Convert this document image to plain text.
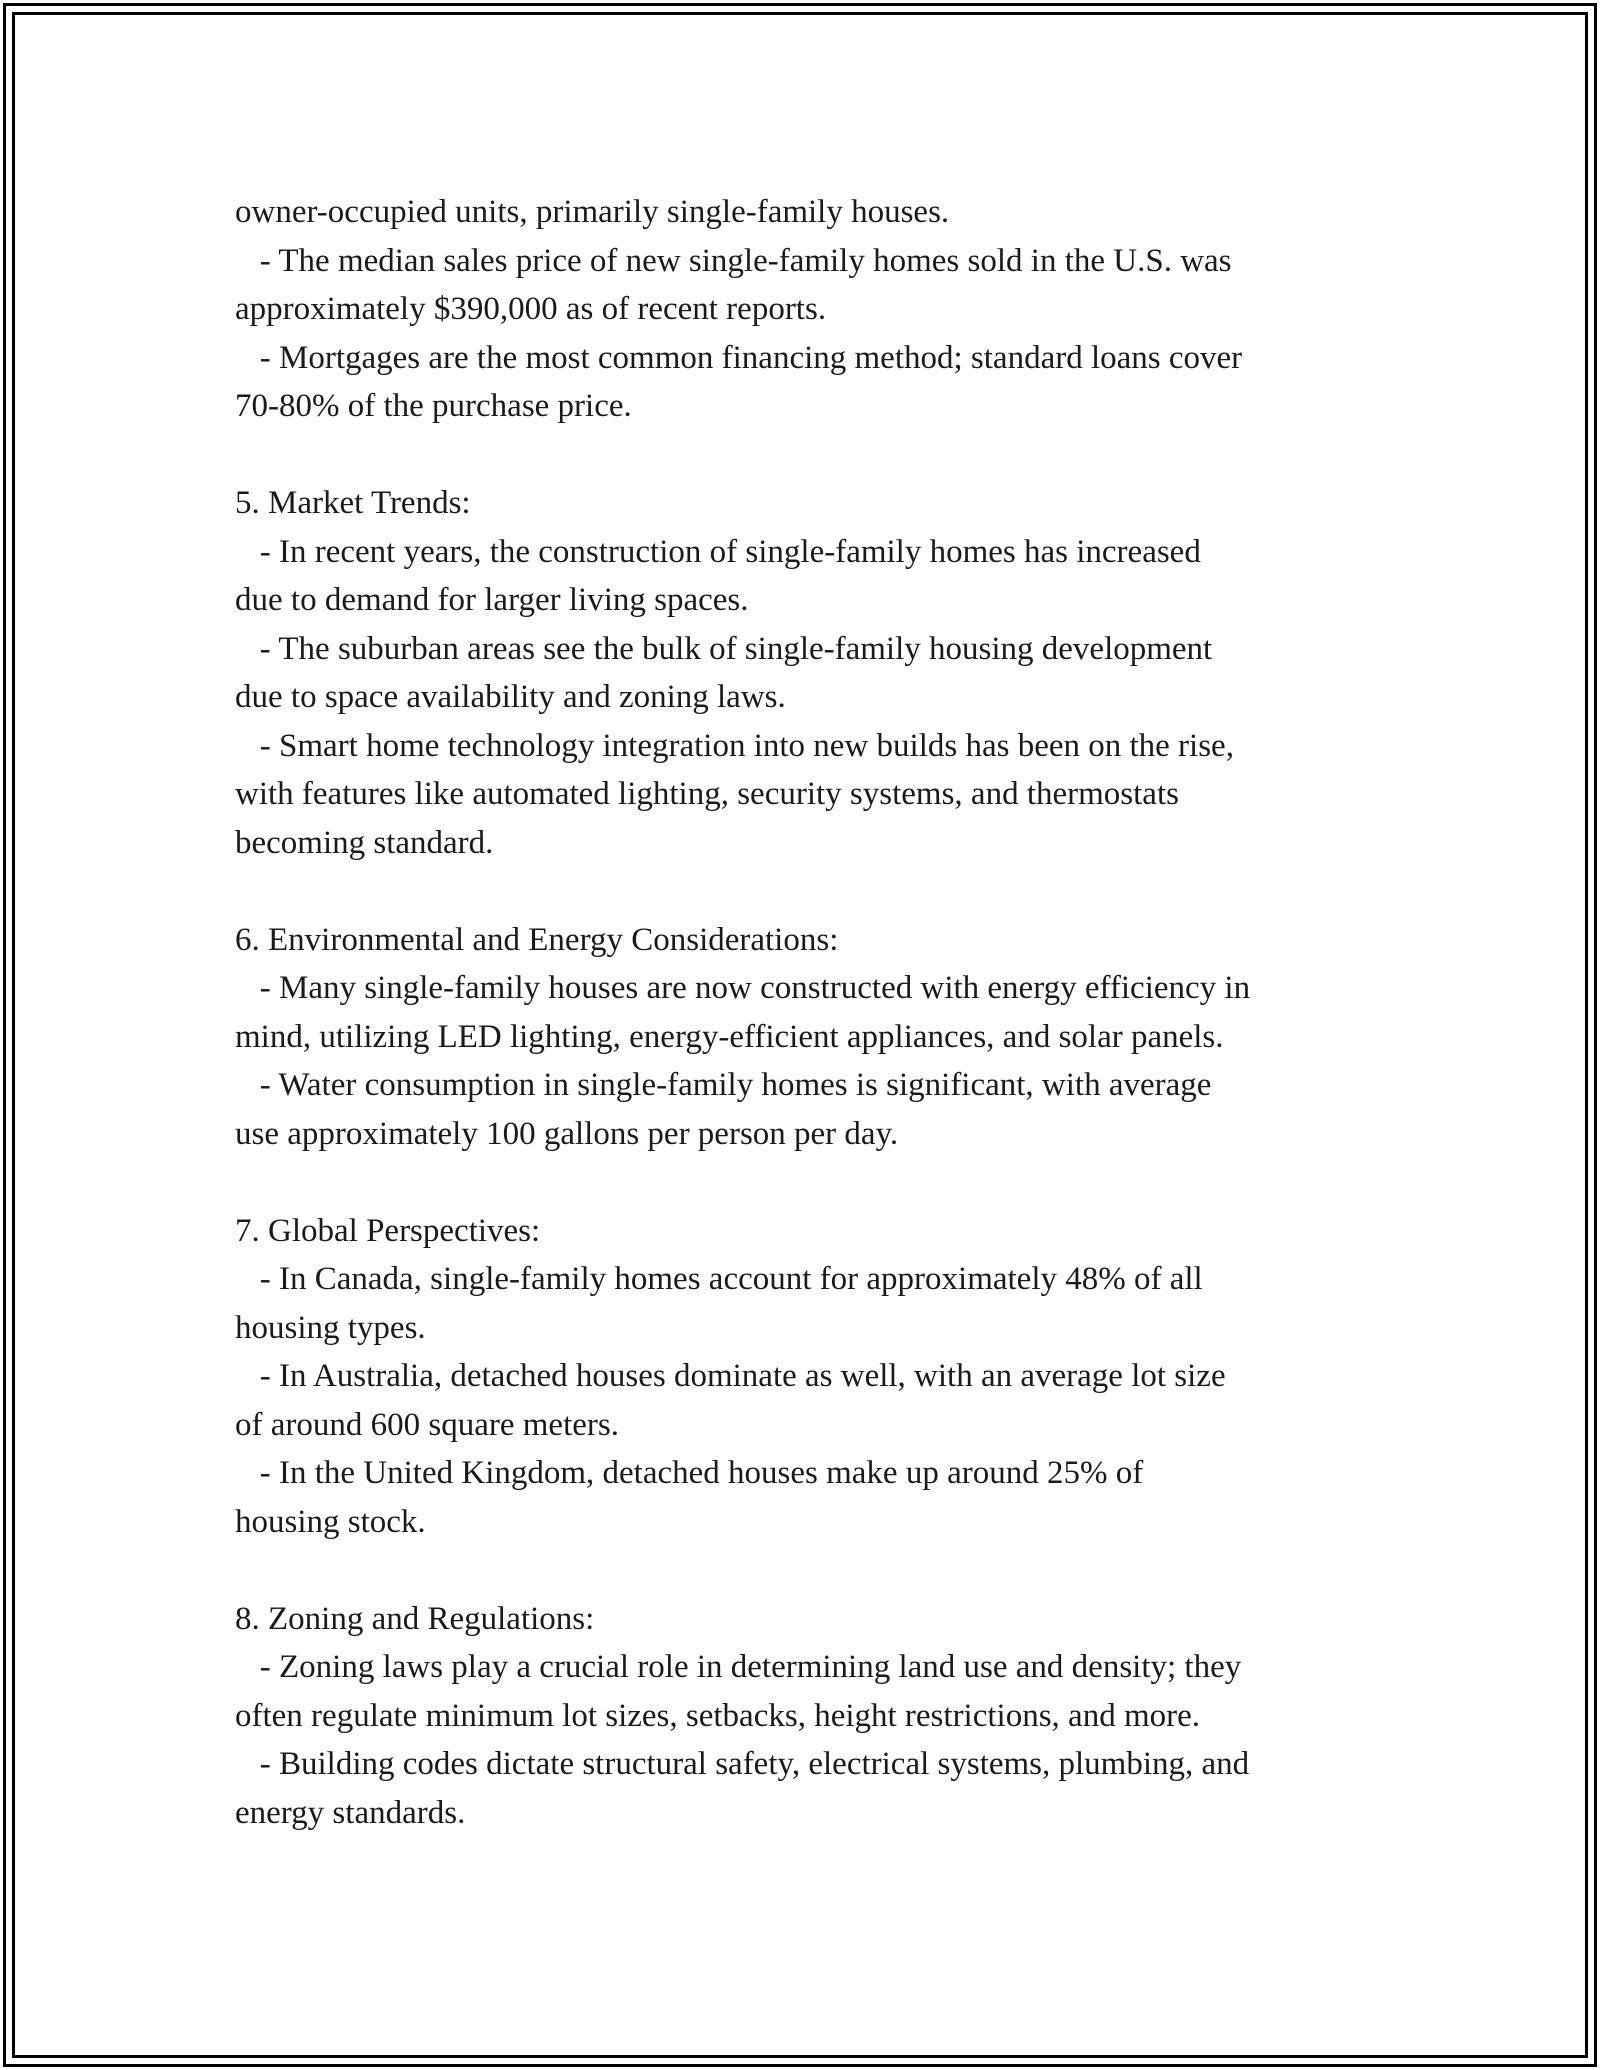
owner-occupied units, primarily single-family houses.
- The median sales price of new single-family homes sold in the U.S. was
approximately $390,000 as of recent reports.
- Mortgages are the most common financing method; standard loans cover
70-80% of the purchase price.
5. Market Trends:
- In recent years, the construction of single-family homes has increased
due to demand for larger living spaces.
- The suburban areas see the bulk of single-family housing development
due to space availability and zoning laws.
- Smart home technology integration into new builds has been on the rise,
with features like automated lighting, security systems, and thermostats
becoming standard.
6. Environmental and Energy Considerations:
- Many single-family houses are now constructed with energy efficiency in
mind, utilizing LED lighting, energy-efficient appliances, and solar panels.
- Water consumption in single-family homes is significant, with average
use approximately 100 gallons per person per day.
7. Global Perspectives:
- In Canada, single-family homes account for approximately 48% of all
housing types.
- In Australia, detached houses dominate as well, with an average lot size
of around 600 square meters.
- In the United Kingdom, detached houses make up around 25% of
housing stock.
8. Zoning and Regulations:
- Zoning laws play a crucial role in determining land use and density; they
often regulate minimum lot sizes, setbacks, height restrictions, and more.
- Building codes dictate structural safety, electrical systems, plumbing, and
energy standards.
